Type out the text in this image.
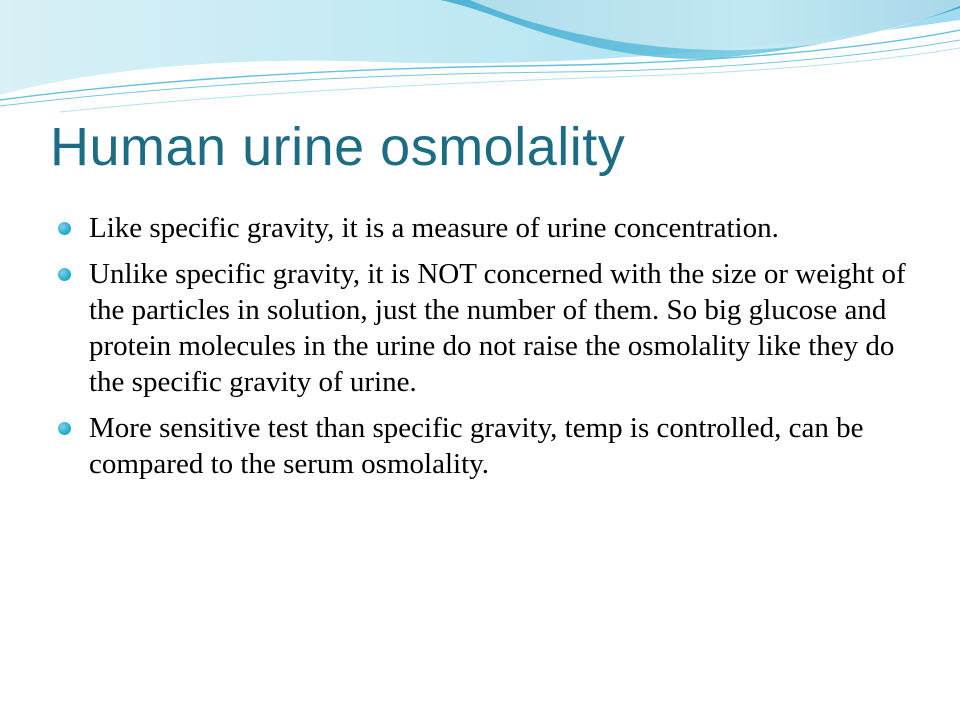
Human urine osmolality
Like specific gravity, it is a measure of urine concentration.
Unlike specific gravity, it is NOT concerned with the size or weight of the particles in solution, just the number of them. So big glucose and protein molecules in the urine do not raise the osmolality like they do the specific gravity of urine.
More sensitive test than specific gravity, temp is controlled, can be compared to the serum osmolality.
